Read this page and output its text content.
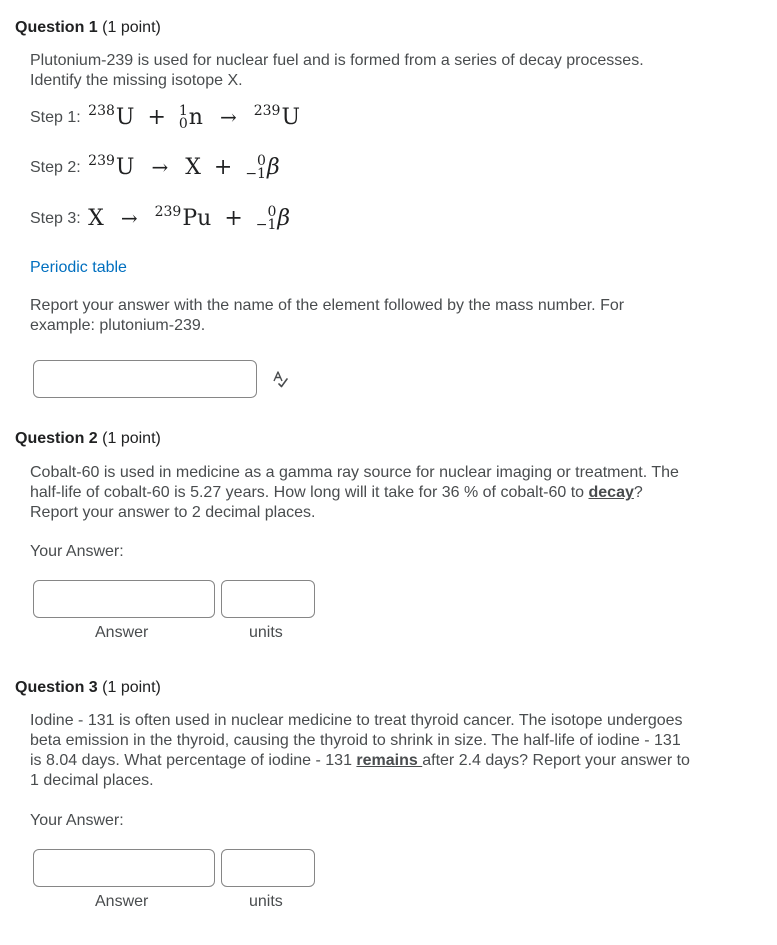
Question 1 (1 point)

Plutonium-239 is used for nuclear fuel and is formed from a series of decay processes. Identify the missing isotope X.

Step 1: 238 U + 1
0 n → 239 U
Step 2: 239 U → X +	0
−1 β
Step 3: X → 239 Pu +	0
−1 β
Periodic table

Report your answer with the name of the element followed by the mass number. For example: plutonium-239.

Question 2 (1 point)

Cobalt-60 is used in medicine as a gamma ray source for nuclear imaging or treatment. The half-life of cobalt-60 is 5.27 years. How long will it take for 36 % of cobalt-60 to decay? Report your answer to 2 decimal places.

Your Answer:
Answer	units

Question 3 (1 point)

Iodine - 131 is often used in nuclear medicine to treat thyroid cancer. The isotope undergoes beta emission in the thyroid, causing the thyroid to shrink in size. The half-life of iodine - 131 is 8.04 days. What percentage of iodine - 131 remains after 2.4 days? Report your answer to 1 decimal places.

Your Answer:
Answer	units
